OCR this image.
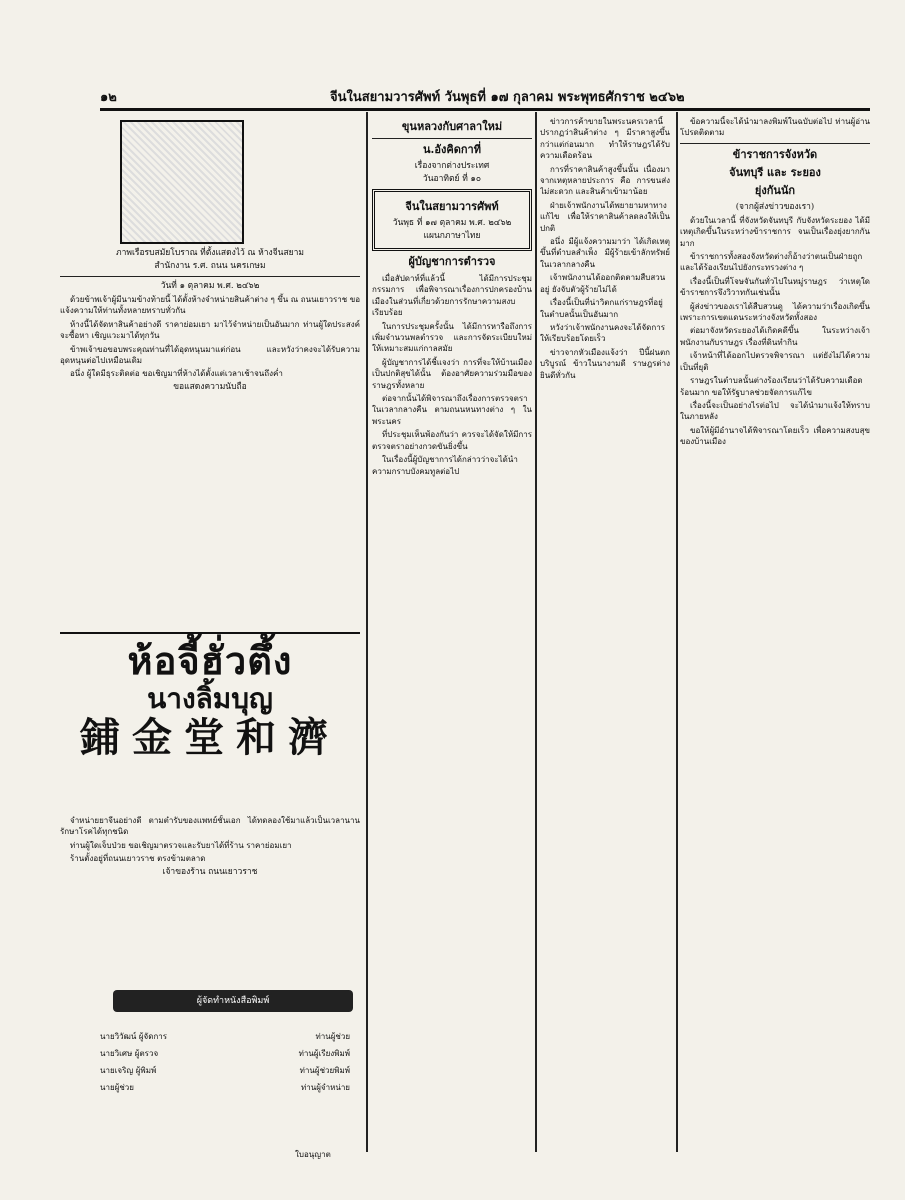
๑๒	จีนในสยามวารศัพท์ วันพุธที่ ๑๗ กุลาคม พระพุทธศักราช ๒๔๖๒
ภาพเรือรบสมัยโบราณ ที่ตั้งแสดงไว้ ณ ห้างจีนสยาม
สำนักงาน ร.ศ. ถนน นครเกษม
วันที่ ๑ ตุลาคม พ.ศ. ๒๔๖๒

ด้วยข้าพเจ้าผู้มีนามข้างท้ายนี้ ได้ตั้งห้างจำหน่ายสินค้าต่าง ๆ ขึ้น ณ ถนนเยาวราช ขอแจ้งความให้ท่านทั้งหลายทราบทั่วกัน

ห้างนี้ได้จัดหาสินค้าอย่างดี ราคาย่อมเยา มาไว้จำหน่ายเป็นอันมาก ท่านผู้ใดประสงค์จะซื้อหา เชิญแวะมาได้ทุกวัน

ข้าพเจ้าขอขอบพระคุณท่านที่ได้อุดหนุนมาแต่ก่อน และหวังว่าคงจะได้รับความอุดหนุนต่อไปเหมือนเดิม

อนึ่ง ผู้ใดมีธุระติดต่อ ขอเชิญมาที่ห้างได้ตั้งแต่เวลาเช้าจนถึงค่ำ

ขอแสดงความนับถือ
ห้อจี้ฮั่วตึ้ง
นางลิ้มบุญ
鋪金堂和濟

จำหน่ายยาจีนอย่างดี ตามตำรับของแพทย์ชั้นเอก ได้ทดลองใช้มาแล้วเป็นเวลานาน รักษาโรคได้ทุกชนิด

ท่านผู้ใดเจ็บป่วย ขอเชิญมาตรวจและรับยาได้ที่ร้าน ราคาย่อมเยา

ร้านตั้งอยู่ที่ถนนเยาวราช ตรงข้ามตลาด

เจ้าของร้าน ถนนเยาวราช
ผู้จัดทำหนังสือพิมพ์
นายวิวัฒน์ ผู้จัดการ	ท่านผู้ช่วย
นายวิเศษ ผู้ตรวจ	ท่านผู้เรียงพิมพ์
นายเจริญ ผู้พิมพ์	ท่านผู้ช่วยพิมพ์
นายผู้ช่วย	ท่านผู้จำหน่าย
ใบอนุญาต
ขุนหลวงกับศาลาใหม่
น.อังคิดกาที่
เรื่องจากต่างประเทศ
วันอาทิตย์ ที่ ๑๐
จีนในสยามวารศัพท์
วันพุธ ที่ ๑๗ ตุลาคม พ.ศ. ๒๔๖๒
แผนกภาษาไทย
ผู้บัญชาการตำรวจ

เมื่อสัปดาห์ที่แล้วนี้ ได้มีการประชุมกรรมการ เพื่อพิจารณาเรื่องการปกครองบ้านเมืองในส่วนที่เกี่ยวด้วยการรักษาความสงบเรียบร้อย

ในการประชุมครั้งนั้น ได้มีการหารือถึงการเพิ่มจำนวนพลตำรวจ และการจัดระเบียบใหม่ให้เหมาะสมแก่กาลสมัย

ผู้บัญชาการได้ชี้แจงว่า การที่จะให้บ้านเมืองเป็นปกติสุขได้นั้น ต้องอาศัยความร่วมมือของราษฎรทั้งหลาย

ต่อจากนั้นได้พิจารณาถึงเรื่องการตรวจตราในเวลากลางคืน ตามถนนหนทางต่าง ๆ ในพระนคร

ที่ประชุมเห็นพ้องกันว่า ควรจะได้จัดให้มีการตรวจตราอย่างกวดขันยิ่งขึ้น

ในเรื่องนี้ผู้บัญชาการได้กล่าวว่าจะได้นำความกราบบังคมทูลต่อไป

ข่าวการค้าขายในพระนครเวลานี้ ปรากฏว่าสินค้าต่าง ๆ มีราคาสูงขึ้นกว่าแต่ก่อนมาก ทำให้ราษฎรได้รับความเดือดร้อน

การที่ราคาสินค้าสูงขึ้นนั้น เนื่องมาจากเหตุหลายประการ คือ การขนส่งไม่สะดวก และสินค้าเข้ามาน้อย

ฝ่ายเจ้าพนักงานได้พยายามหาทางแก้ไข เพื่อให้ราคาสินค้าลดลงให้เป็นปกติ

อนึ่ง มีผู้แจ้งความมาว่า ได้เกิดเหตุขึ้นที่ตำบลสำเพ็ง มีผู้ร้ายเข้าลักทรัพย์ในเวลากลางคืน

เจ้าพนักงานได้ออกติดตามสืบสวนอยู่ ยังจับตัวผู้ร้ายไม่ได้

เรื่องนี้เป็นที่น่าวิตกแก่ราษฎรที่อยู่ในตำบลนั้นเป็นอันมาก

หวังว่าเจ้าพนักงานคงจะได้จัดการให้เรียบร้อยโดยเร็ว

ข่าวจากหัวเมืองแจ้งว่า ปีนี้ฝนตกบริบูรณ์ ข้าวในนางามดี ราษฎรต่างยินดีทั่วกัน

ข้อความนี้จะได้นำมาลงพิมพ์ในฉบับต่อไป ท่านผู้อ่านโปรดติดตาม

ข้าราชการจังหวัด
จันทบุรี และ ระยอง
ยุ่งกันนัก
(จากผู้ส่งข่าวของเรา)

ด้วยในเวลานี้ ที่จังหวัดจันทบุรี กับจังหวัดระยอง ได้มีเหตุเกิดขึ้นในระหว่างข้าราชการ จนเป็นเรื่องยุ่งยากกันมาก

ข้าราชการทั้งสองจังหวัดต่างก็อ้างว่าตนเป็นฝ่ายถูก และได้ร้องเรียนไปยังกระทรวงต่าง ๆ

เรื่องนี้เป็นที่โจษจันกันทั่วไปในหมู่ราษฎร ว่าเหตุใดข้าราชการจึงวิวาทกันเช่นนั้น

ผู้ส่งข่าวของเราได้สืบสวนดู ได้ความว่าเรื่องเกิดขึ้นเพราะการเขตแดนระหว่างจังหวัดทั้งสอง

ต่อมาจังหวัดระยองได้เกิดคดีขึ้น ในระหว่างเจ้าพนักงานกับราษฎร เรื่องที่ดินทำกิน

เจ้าหน้าที่ได้ออกไปตรวจพิจารณา แต่ยังไม่ได้ความเป็นที่ยุติ

ราษฎรในตำบลนั้นต่างร้องเรียนว่าได้รับความเดือดร้อนมาก ขอให้รัฐบาลช่วยจัดการแก้ไข

เรื่องนี้จะเป็นอย่างไรต่อไป จะได้นำมาแจ้งให้ทราบในภายหลัง

ขอให้ผู้มีอำนาจได้พิจารณาโดยเร็ว เพื่อความสงบสุขของบ้านเมือง
